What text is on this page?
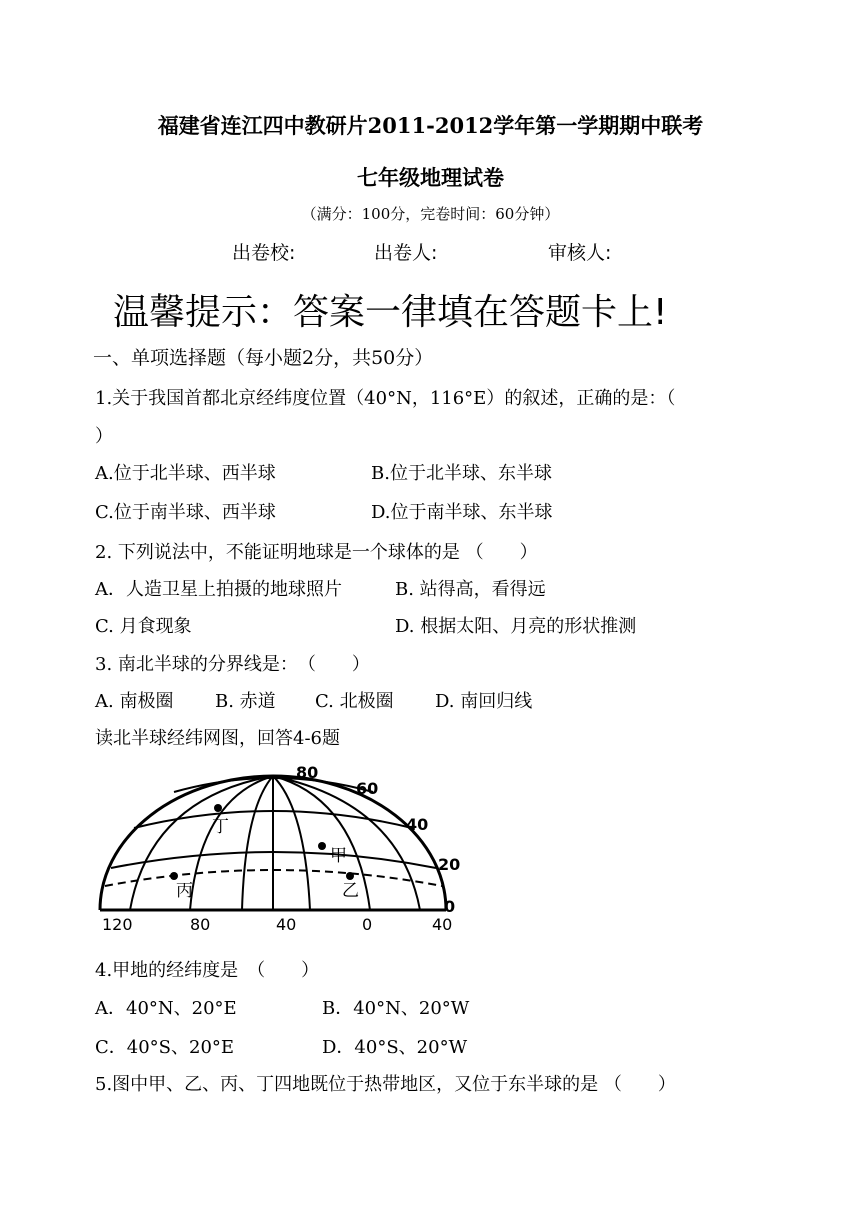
福建省连江四中教研片2011-2012学年第一学期期中联考
七年级地理试卷
（满分：100分，完卷时间：60分钟）
出卷校:	出卷人:	审核人:
温馨提示：答案一律填在答题卡上!
一、单项选择题（每小题2分，共50分）
1.关于我国首都北京经纬度位置（40°N，116°E）的叙述，正确的是：（
）
A.位于北半球、西半球	B.位于北半球、东半球
C.位于南半球、西半球	D.位于南半球、东半球
2. 下列说法中，不能证明地球是一个球体的是 （　　）
A．人造卫星上拍摄的地球照片	B. 站得高，看得远
C. 月食现象	D. 根据太阳、月亮的形状推测
3. 南北半球的分界线是：　（　　）
A. 南极圈 B. 赤道 C. 北极圈 D. 南回归线
读北半球经纬网图，回答4-6题
丁
甲
丙	乙
80
60
40
20
0
120	80	40	0	40
4.甲地的经纬度是　（　　）
A．40°N、20°E	B．40°N、20°W
C．40°S、20°E	D．40°S、20°W
5.图中甲、乙、丙、丁四地既位于热带地区，又位于东半球的是 （　　）
